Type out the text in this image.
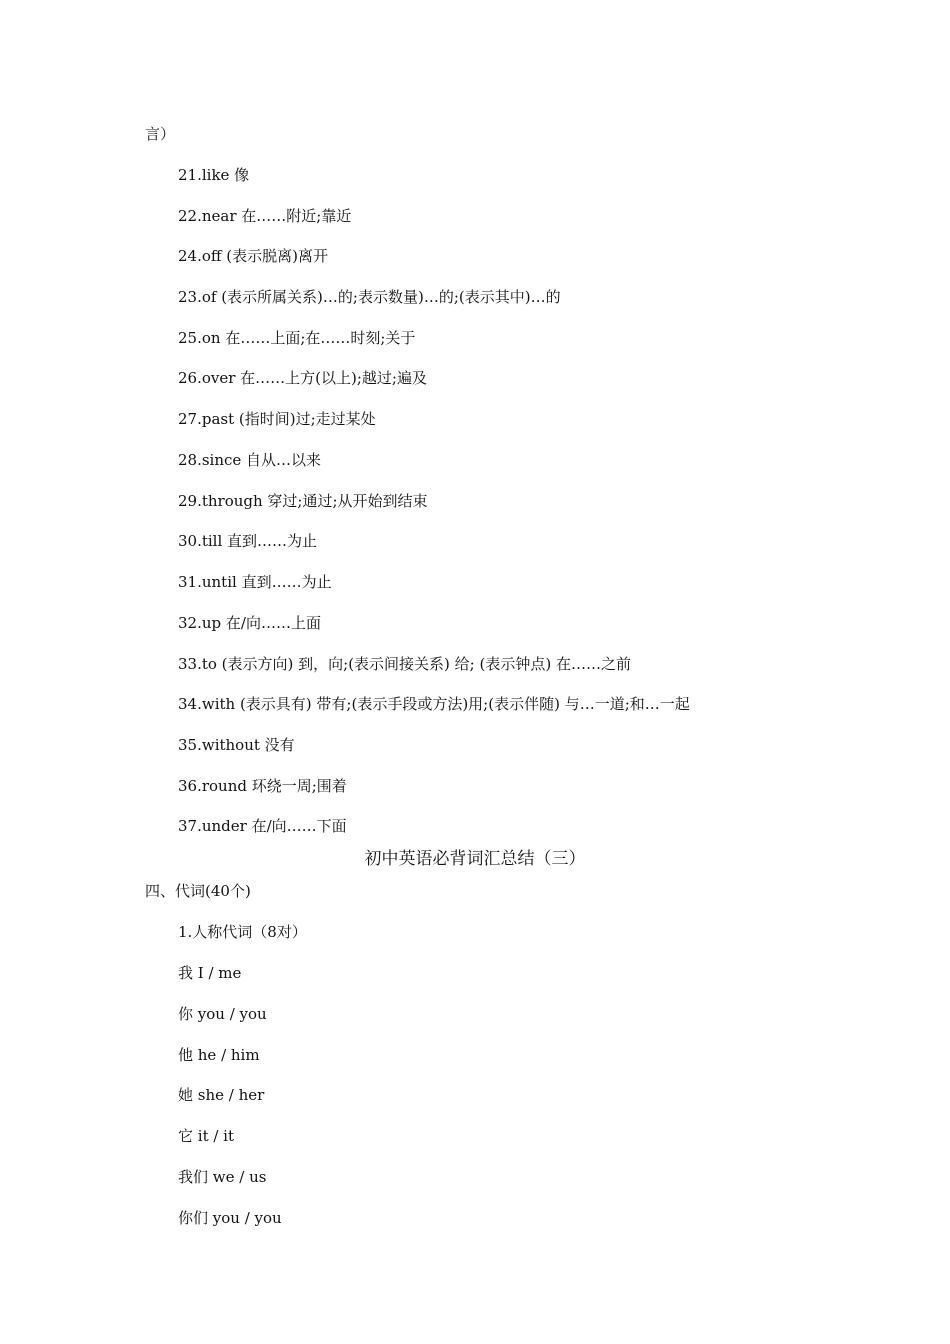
言）
21.like 像
22.near 在……附近;靠近
24.off (表示脱离)离开
23.of (表示所属关系)…的;表示数量)…的;(表示其中)…的
25.on 在……上面;在……时刻;关于
26.over 在……上方(以上);越过;遍及
27.past (指时间)过;走过某处
28.since 自从…以来
29.through 穿过;通过;从开始到结束
30.till 直到……为止
31.until 直到……为止
32.up 在/向……上面
33.to (表示方向) 到，向;(表示间接关系) 给; (表示钟点) 在……之前
34.with (表示具有) 带有;(表示手段或方法)用;(表示伴随) 与…一道;和…一起
35.without 没有
36.round 环绕一周;围着
37.under 在/向……下面
初中英语必背词汇总结（三）
四、代词(40个)
1.人称代词（8对）
我 I / me
你 you / you
他 he / him
她 she / her
它 it / it
我们 we / us
你们 you / you
